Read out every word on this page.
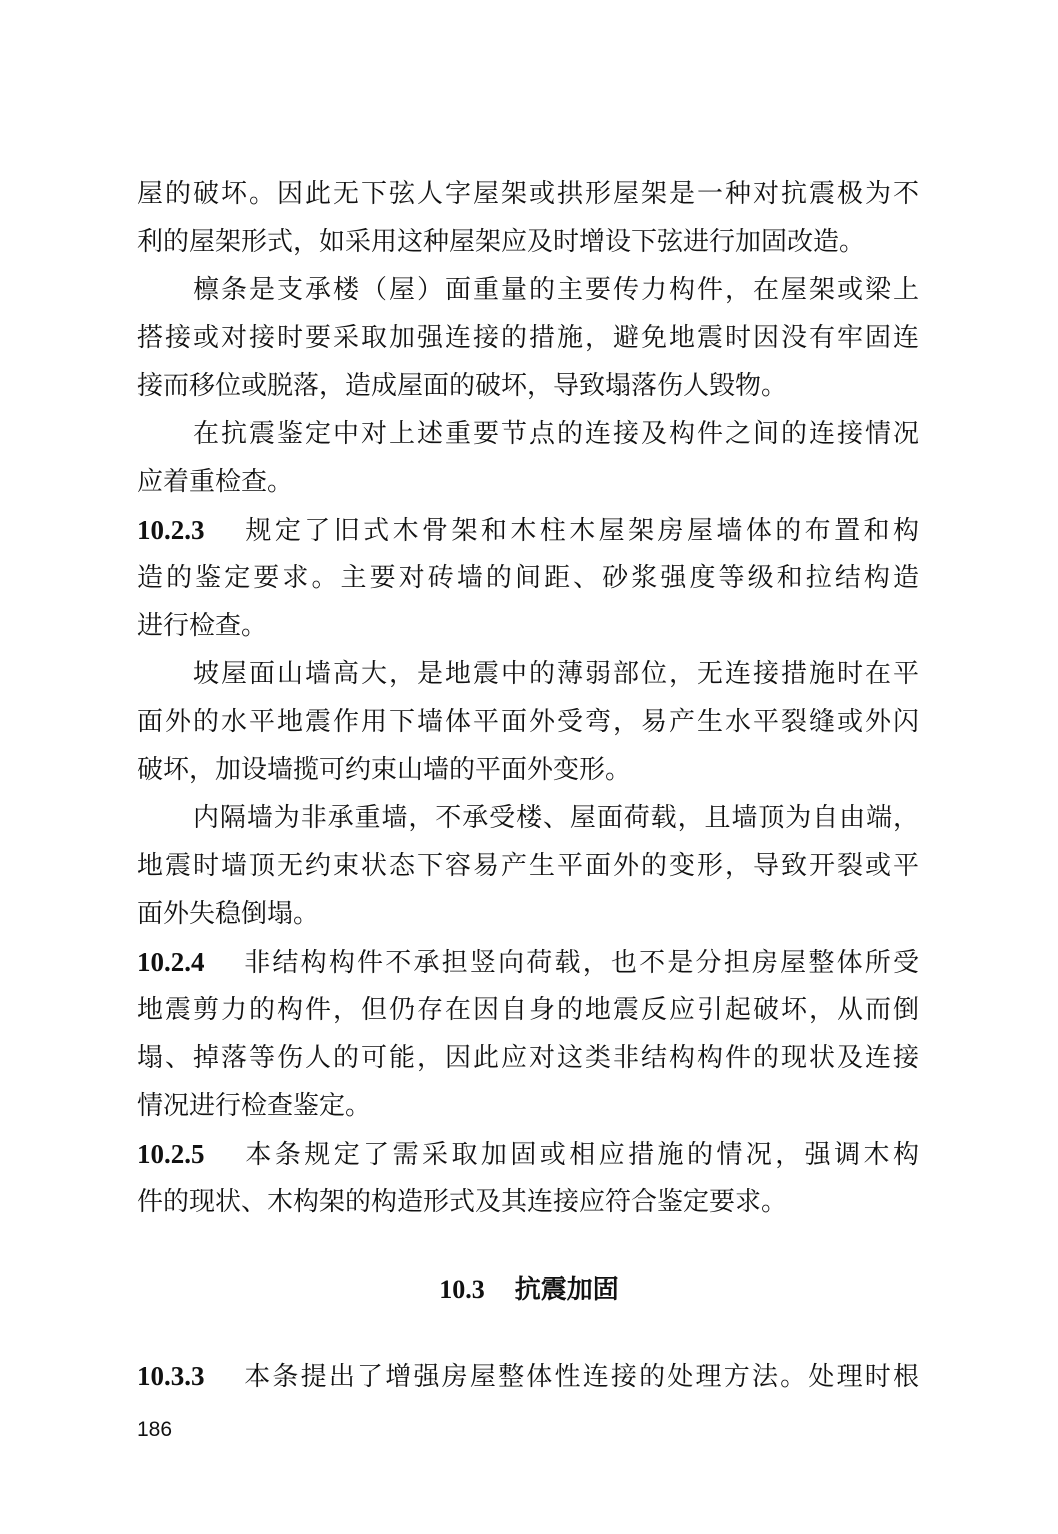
屋的破坏。因此无下弦人字屋架或拱形屋架是一种对抗震极为不
利的屋架形式，如采用这种屋架应及时增设下弦进行加固改造。
檩条是支承楼（屋）面重量的主要传力构件，在屋架或梁上
搭接或对接时要采取加强连接的措施，避免地震时因没有牢固连
接而移位或脱落，造成屋面的破坏，导致塌落伤人毁物。
在抗震鉴定中对上述重要节点的连接及构件之间的连接情况
应着重检查。
10.2.3 规定了旧式木骨架和木柱木屋架房屋墙体的布置和构
造的鉴定要求。主要对砖墙的间距、砂浆强度等级和拉结构造
进行检查。
坡屋面山墙高大，是地震中的薄弱部位，无连接措施时在平
面外的水平地震作用下墙体平面外受弯，易产生水平裂缝或外闪
破坏，加设墙揽可约束山墙的平面外变形。
内隔墙为非承重墙，不承受楼、屋面荷载，且墙顶为自由端，
地震时墙顶无约束状态下容易产生平面外的变形，导致开裂或平
面外失稳倒塌。
10.2.4 非结构构件不承担竖向荷载，也不是分担房屋整体所受
地震剪力的构件，但仍存在因自身的地震反应引起破坏，从而倒
塌、掉落等伤人的可能，因此应对这类非结构构件的现状及连接
情况进行检查鉴定。
10.2.5 本条规定了需采取加固或相应措施的情况，强调木构
件的现状、木构架的构造形式及其连接应符合鉴定要求。
10.3 抗震加固
10.3.3 本条提出了增强房屋整体性连接的处理方法。处理时根
186
